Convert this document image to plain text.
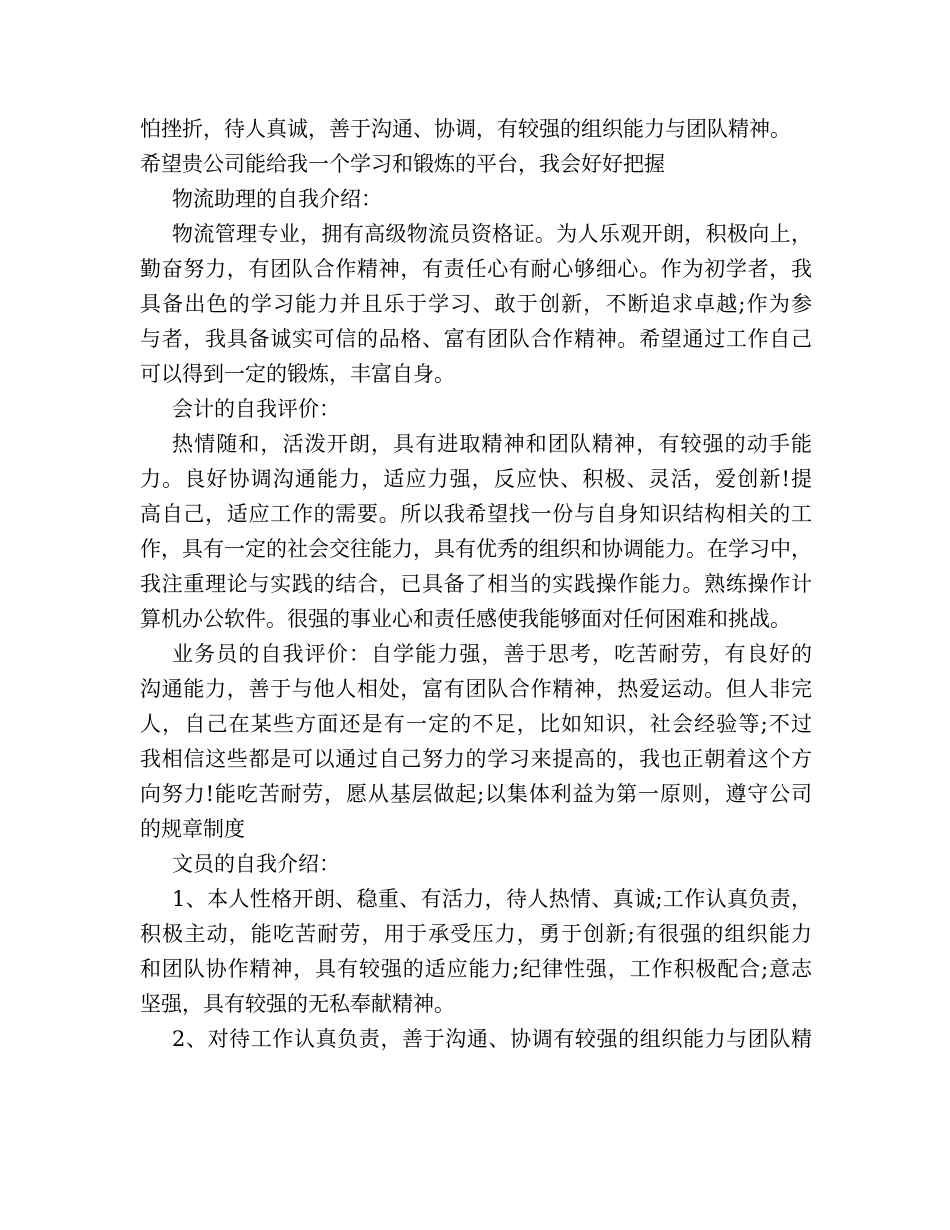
怕挫折，待人真诚，善于沟通、协调，有较强的组织能力与团队精神。
希望贵公司能给我一个学习和锻炼的平台，我会好好把握
物流助理的自我介绍：
物流管理专业，拥有高级物流员资格证。为人乐观开朗，积极向上，
勤奋努力，有团队合作精神，有责任心有耐心够细心。作为初学者，我
具备出色的学习能力并且乐于学习、敢于创新，不断追求卓越;作为参
与者，我具备诚实可信的品格、富有团队合作精神。希望通过工作自己
可以得到一定的锻炼，丰富自身。
会计的自我评价：
热情随和，活泼开朗，具有进取精神和团队精神，有较强的动手能
力。良好协调沟通能力，适应力强，反应快、积极、灵活，爱创新!提
高自己，适应工作的需要。所以我希望找一份与自身知识结构相关的工
作，具有一定的社会交往能力，具有优秀的组织和协调能力。在学习中，
我注重理论与实践的结合，已具备了相当的实践操作能力。熟练操作计
算机办公软件。很强的事业心和责任感使我能够面对任何困难和挑战。
业务员的自我评价：自学能力强，善于思考，吃苦耐劳，有良好的
沟通能力，善于与他人相处，富有团队合作精神，热爱运动。但人非完
人，自己在某些方面还是有一定的不足，比如知识，社会经验等;不过
我相信这些都是可以通过自己努力的学习来提高的，我也正朝着这个方
向努力!能吃苦耐劳，愿从基层做起;以集体利益为第一原则，遵守公司
的规章制度
文员的自我介绍：
1、本人性格开朗、稳重、有活力，待人热情、真诚;工作认真负责，
积极主动，能吃苦耐劳，用于承受压力，勇于创新;有很强的组织能力
和团队协作精神，具有较强的适应能力;纪律性强，工作积极配合;意志
坚强，具有较强的无私奉献精神。
2、对待工作认真负责，善于沟通、协调有较强的组织能力与团队精
